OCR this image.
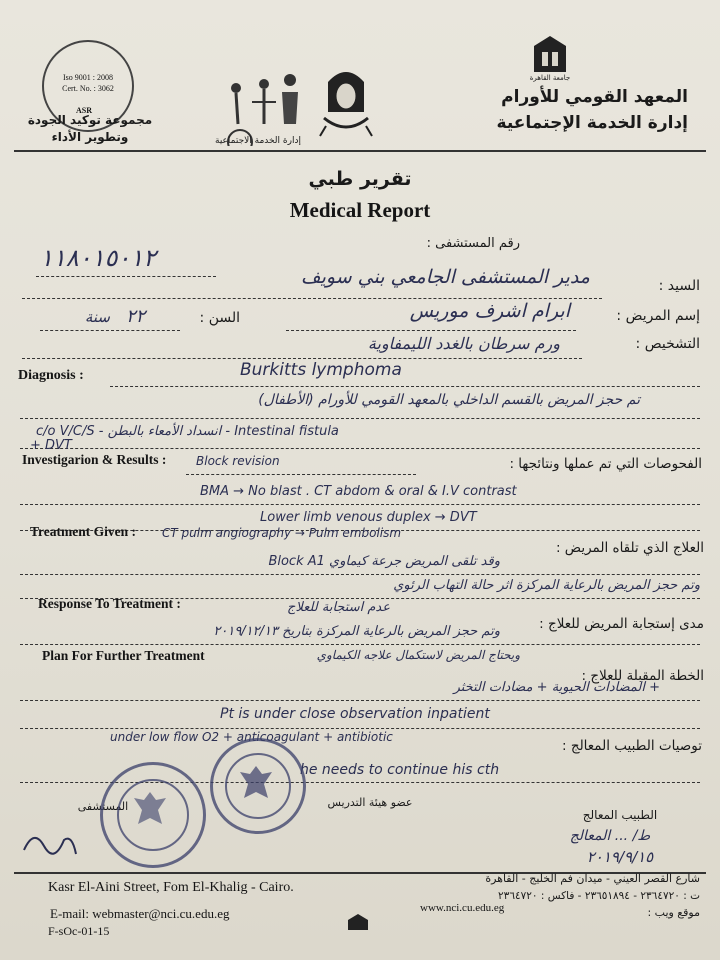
Iso 9001 : 2008
Cert. No. : 3062
ASR
مجموعة توكيد الجودة
وتطوير الأداء	إدارة الخدمة الاجتماعية
جامعة القاهرة
المعهد القومي للأورام
إدارة الخدمة الإجتماعية
تقرير طبي
Medical Report
رقم المستشفى :
١١٨٠١٥٠١٢
السيد :
مدير المستشفى الجامعي بني سويف
إسم المريض :
ابرام اشرف موريس
السن :
٢٢
سنة
التشخيص :
ورم سرطان بالغدد الليمفاوية
Diagnosis :	Burkitts lymphoma
تم حجز المريض بالقسم الداخلي بالمعهد القومي للأورام (الأطفال)
c/o V/C/S - انسداد الأمعاء بالبطن - Intestinal fistula
+ DVT
Investigarion & Results : Block revision	الفحوصات التي تم عملها ونتائجها :
BMA → No blast . CT abdom & oral & I.V contrast
Lower limb venous duplex → DVT
Treatment Given : CT pulm angiography → Pulm embolism
العلاج الذي تلقاه المريض :
وقد تلقى المريض جرعة كيماوي Block A1
وتم حجز المريض بالرعاية المركزة اثر حالة التهاب الرئوي
Response To Treatment :	عدم استجابة للعلاج
مدى إستجابة المريض للعلاج :
وتم حجز المريض بالرعاية المركزة بتاريخ ٢٠١٩/١٢/١٣
Plan For Further Treatment	ويحتاج المريض لاستكمال علاجه الكيماوي
الخطة المقبلة للعلاج :
+ المضادات الحيوية + مضادات التخثر
Pt is under close observation inpatient
under low flow O2 + anticoagulant + antibiotic
توصيات الطبيب المعالج :
he needs to continue his cth
عضو هيئة التدريس
الطبيب المعالج
ط/ ... المعالج
٢٠١٩/٩/١٥
المستشفى
Kasr El-Aini Street, Fom El-Khalig - Cairo.
شارع القصر العيني - ميدان فم الخليج - القاهرة
ت : ٢٣٦٤٧٢٠ - ٢٣٦٥١٨٩٤ - فاكس : ٢٣٦٤٧٢٠
E-mail: webmaster@nci.cu.edu.eg	www.nci.cu.edu.eg	موقع ويب :
F-sOc-01-15
